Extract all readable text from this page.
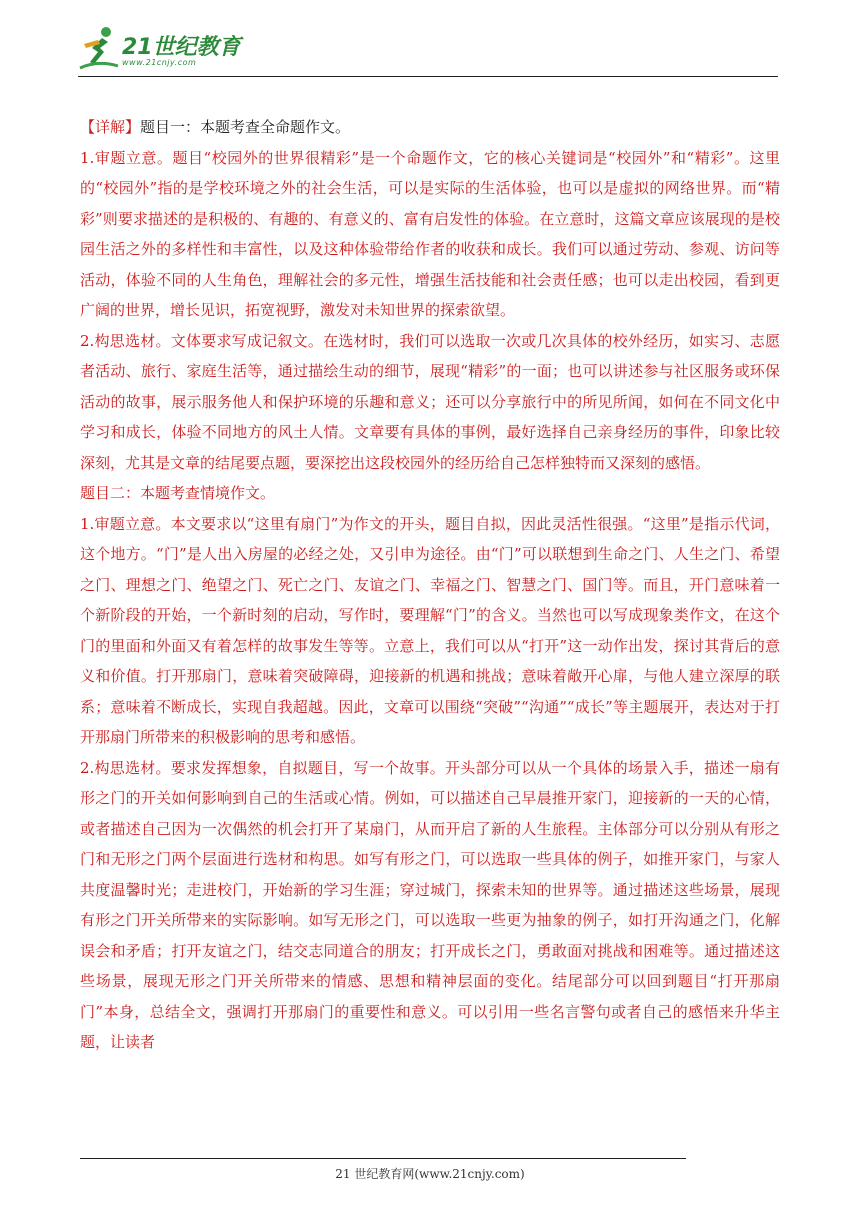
21世纪教育
www.21cnjy.com

【详解】题目一：本题考查全命题作文。

1.审题立意。题目“校园外的世界很精彩”是一个命题作文，它的核心关键词是“校园外”和“精彩”。这里的“校园外”指的是学校环境之外的社会生活，可以是实际的生活体验，也可以是虚拟的网络世界。而“精彩”则要求描述的是积极的、有趣的、有意义的、富有启发性的体验。在立意时，这篇文章应该展现的是校园生活之外的多样性和丰富性，以及这种体验带给作者的收获和成长。我们可以通过劳动、参观、访问等活动，体验不同的人生角色，理解社会的多元性，增强生活技能和社会责任感；也可以走出校园，看到更广阔的世界，增长见识，拓宽视野，激发对未知世界的探索欲望。

2.构思选材。文体要求写成记叙文。在选材时，我们可以选取一次或几次具体的校外经历，如实习、志愿者活动、旅行、家庭生活等，通过描绘生动的细节，展现“精彩”的一面；也可以讲述参与社区服务或环保活动的故事，展示服务他人和保护环境的乐趣和意义；还可以分享旅行中的所见所闻，如何在不同文化中学习和成长，体验不同地方的风土人情。文章要有具体的事例，最好选择自己亲身经历的事件，印象比较深刻，尤其是文章的结尾要点题，要深挖出这段校园外的经历给自己怎样独特而又深刻的感悟。

题目二：本题考查情境作文。

1.审题立意。本文要求以“这里有扇门”为作文的开头，题目自拟，因此灵活性很强。“这里”是指示代词，这个地方。“门”是人出入房屋的必经之处，又引申为途径。由“门”可以联想到生命之门、人生之门、希望之门、理想之门、绝望之门、死亡之门、友谊之门、幸福之门、智慧之门、国门等。而且，开门意味着一个新阶段的开始，一个新时刻的启动，写作时，要理解“门”的含义。当然也可以写成现象类作文，在这个门的里面和外面又有着怎样的故事发生等等。立意上，我们可以从“打开”这一动作出发，探讨其背后的意义和价值。打开那扇门，意味着突破障碍，迎接新的机遇和挑战；意味着敞开心扉，与他人建立深厚的联系；意味着不断成长，实现自我超越。因此，文章可以围绕“突破”“沟通”“成长”等主题展开，表达对于打开那扇门所带来的积极影响的思考和感悟。

2.构思选材。要求发挥想象，自拟题目，写一个故事。开头部分可以从一个具体的场景入手，描述一扇有形之门的开关如何影响到自己的生活或心情。例如，可以描述自己早晨推开家门，迎接新的一天的心情，或者描述自己因为一次偶然的机会打开了某扇门，从而开启了新的人生旅程。主体部分可以分别从有形之门和无形之门两个层面进行选材和构思。如写有形之门，可以选取一些具体的例子，如推开家门，与家人共度温馨时光；走进校门，开始新的学习生涯；穿过城门，探索未知的世界等。通过描述这些场景，展现有形之门开关所带来的实际影响。如写无形之门，可以选取一些更为抽象的例子，如打开沟通之门，化解误会和矛盾；打开友谊之门，结交志同道合的朋友；打开成长之门，勇敢面对挑战和困难等。通过描述这些场景，展现无形之门开关所带来的情感、思想和精神层面的变化。结尾部分可以回到题目“打开那扇门”本身，总结全文，强调打开那扇门的重要性和意义。可以引用一些名言警句或者自己的感悟来升华主题，让读者

21 世纪教育网(www.21cnjy.com)
